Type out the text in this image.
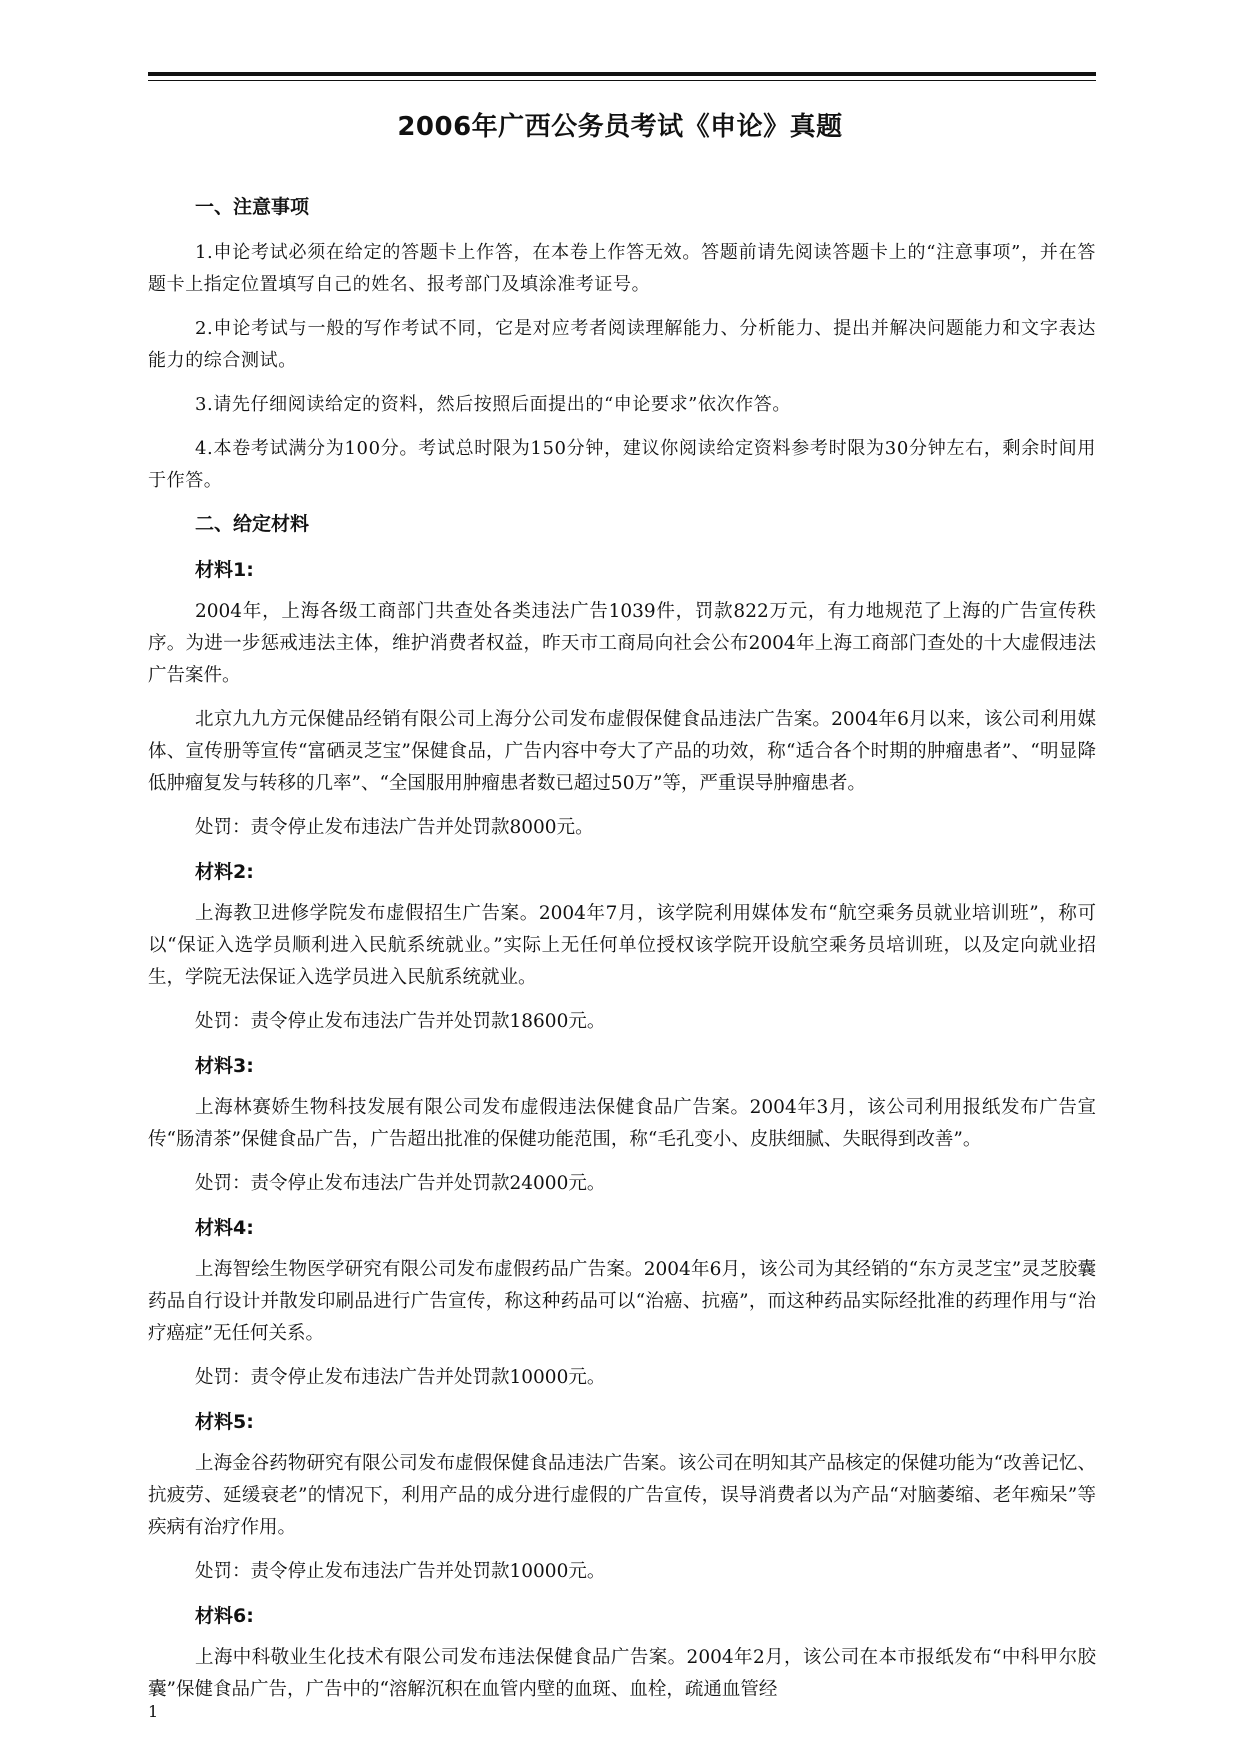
2006年广西公务员考试《申论》真题

一、注意事项

1.申论考试必须在给定的答题卡上作答，在本卷上作答无效。答题前请先阅读答题卡上的“注意事项”，并在答题卡上指定位置填写自己的姓名、报考部门及填涂准考证号。

2.申论考试与一般的写作考试不同，它是对应考者阅读理解能力、分析能力、提出并解决问题能力和文字表达能力的综合测试。

3.请先仔细阅读给定的资料，然后按照后面提出的“申论要求”依次作答。

4.本卷考试满分为100分。考试总时限为150分钟，建议你阅读给定资料参考时限为30分钟左右，剩余时间用于作答。

二、给定材料

材料1:

2004年，上海各级工商部门共查处各类违法广告1039件，罚款822万元，有力地规范了上海的广告宣传秩序。为进一步惩戒违法主体，维护消费者权益，昨天市工商局向社会公布2004年上海工商部门查处的十大虚假违法广告案件。

北京九九方元保健品经销有限公司上海分公司发布虚假保健食品违法广告案。2004年6月以来，该公司利用媒体、宣传册等宣传“富硒灵芝宝”保健食品，广告内容中夸大了产品的功效，称“适合各个时期的肿瘤患者”、“明显降低肿瘤复发与转移的几率”、“全国服用肿瘤患者数已超过50万”等，严重误导肿瘤患者。

处罚：责令停止发布违法广告并处罚款8000元。

材料2:

上海教卫进修学院发布虚假招生广告案。2004年7月，该学院利用媒体发布“航空乘务员就业培训班”，称可以“保证入选学员顺利进入民航系统就业。”实际上无任何单位授权该学院开设航空乘务员培训班，以及定向就业招生，学院无法保证入选学员进入民航系统就业。

处罚：责令停止发布违法广告并处罚款18600元。

材料3:

上海林赛娇生物科技发展有限公司发布虚假违法保健食品广告案。2004年3月，该公司利用报纸发布广告宣传“肠清茶”保健食品广告，广告超出批准的保健功能范围，称“毛孔变小、皮肤细腻、失眠得到改善”。

处罚：责令停止发布违法广告并处罚款24000元。

材料4:

上海智绘生物医学研究有限公司发布虚假药品广告案。2004年6月，该公司为其经销的“东方灵芝宝”灵芝胶囊药品自行设计并散发印刷品进行广告宣传，称这种药品可以“治癌、抗癌”，而这种药品实际经批准的药理作用与“治疗癌症”无任何关系。

处罚：责令停止发布违法广告并处罚款10000元。

材料5:

上海金谷药物研究有限公司发布虚假保健食品违法广告案。该公司在明知其产品核定的保健功能为“改善记忆、抗疲劳、延缓衰老”的情况下，利用产品的成分进行虚假的广告宣传，误导消费者以为产品“对脑萎缩、老年痴呆”等疾病有治疗作用。

处罚：责令停止发布违法广告并处罚款10000元。

材料6:

上海中科敬业生化技术有限公司发布违法保健食品广告案。2004年2月，该公司在本市报纸发布“中科甲尔胶囊”保健食品广告，广告中的“溶解沉积在血管内壁的血斑、血栓，疏通血管经

1
